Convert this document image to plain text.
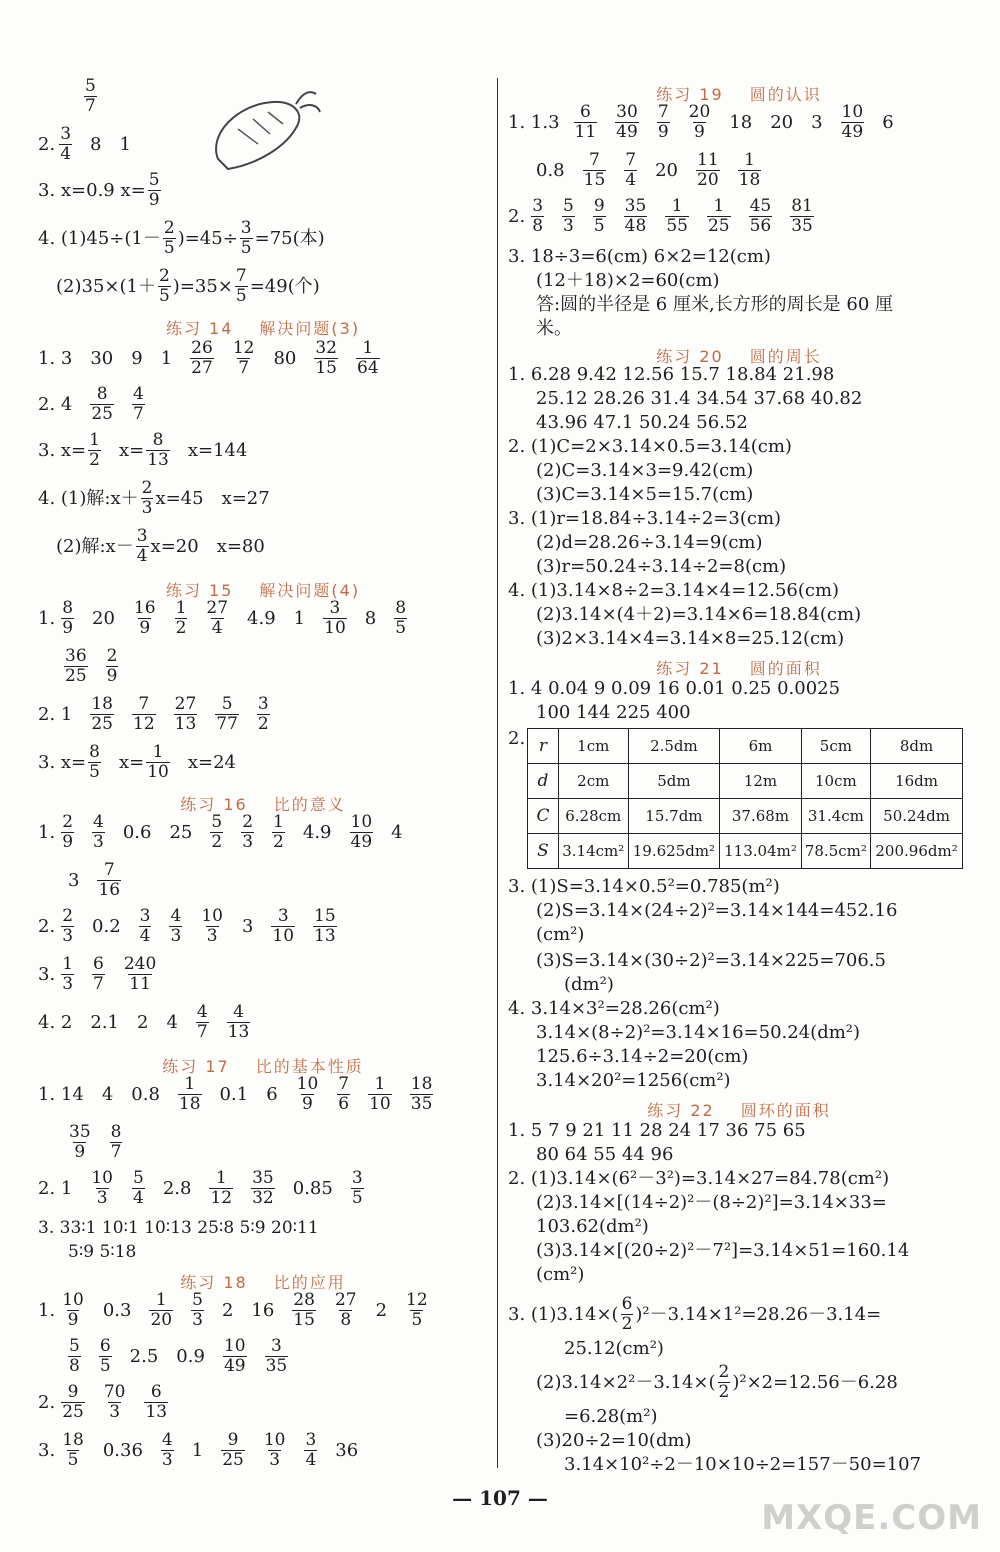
5
7
2. 3
4 8 1
3. x=0.9 $x= \frac{5}{9}$
4. (1)45÷(1－ 2
5 )$=45\div \frac{3}{5} =75$(本)
(2)35×(1＋ 2
5 )$=35\times \frac{7}{5} =49$(个)
练习 14 解决问题(3)
1. 3 30 9 1 26
27
12
7 80 32
15
1
64
2. 4 8
25
4
7
3. $x= \frac{1}{2} x= \frac{8}{13} x=144$
4. (1)解:x＋ 2
3 x=45 x=27
(2)解:x－ 3
4 x=20 x=80
练习 15 解决问题(4)
1. 8
9 20 16
9
1
2
27
4 4.9 1 3
10 8 8
5
36
25
2
9
2. 1 18
25
7
12
27
13
5
77
3
2
3. $x= \frac{8}{5} x= \frac{1}{10} x=24$
练习 16 比的意义
1. 2
9
4
3 0.6 25 5
2
2
3
1
2 4.9 10
49 4
3 7
16
2. 2
3 0.2 3
4
4
3
10
3 3 3
10
15
13
3. 1
3
6
7
240
11
4. 2 2.1 2 4 4
7
4
13
练习 17 比的基本性质
1. 14 4 0.8 1
18 0.1 6 10
9
7
6
1
10
18
35
35
9
8
7
2. 1 10
3
5
4 2.8 1
12
35
32 0.85 3
5
3. 33∶1 10∶1 10∶13 25∶8 5∶9 20∶11
5∶9 5∶18
练习 18 比的应用
1. 10
9 0.3 1
20
5
3 2 16 28
15
27
8 2 12
5
5
8
6
5 2.5 0.9 10
49
3
35
2. 9
25
70
3
6
13
3. 18
5 0.36 4
3 1 9
25
10
3
3
4 36
练习 19 圆的认识
1. 1.3 6
11
30
49
7
9
20
9 18 20 3 10
49 6
0.8 7
15
7
4 20 11
20
1
18
2. 3
8
5
3
9
5
35
48
1
55
1
25
45
56
81
35
3. 18÷3=6(cm) 6×2=12(cm)
(12＋18)×2=60(cm)
答:圆的半径是 6 厘米,长方形的周长是 60 厘
米。
练习 20 圆的周长
1. 6.28 9.42 12.56 15.7 18.84 21.98
25.12 28.26 31.4 34.54 37.68 40.82
43.96 47.1 50.24 56.52
2. (1)C=2×3.14×0.5=3.14(cm)
(2)C=3.14×3=9.42(cm)
(3)C=3.14×5=15.7(cm)
3. (1)r=18.84÷3.14÷2=3(cm)
(2)d=28.26÷3.14=9(cm)
(3)r=50.24÷3.14÷2=8(cm)
4. (1)3.14×8÷2=3.14×4=12.56(cm)
(2)3.14×(4＋2)=3.14×6=18.84(cm)
(3)2×3.14×4=3.14×8=25.12(cm)
练习 21 圆的面积
1. 4 0.04 9 0.09 16 0.01 0.25 0.0025
100 144 225 400
2. r	1cm	2.5dm	6m	5cm	8dm
d	2cm	5dm	12m	10cm	16dm
C	6.28cm	15.7dm	37.68m	31.4cm	50.24dm
S	3.14cm²	19.625dm²	113.04m²	78.5cm²	200.96dm²
3. (1)S=3.14×0.5²=0.785(m²)
(2)S=3.14×(24÷2)²=3.14×144=452.16
(cm²)
(3)S=3.14×(30÷2)²=3.14×225=706.5
(dm²)
4. 3.14×3²=28.26(cm²)
3.14×(8÷2)²=3.14×16=50.24(dm²)
125.6÷3.14÷2=20(cm)
3.14×20²=1256(cm²)
练习 22 圆环的面积
1. 5 7 9 21 11 28 24 17 36 75 65
80 64 55 44 96
2. (1)3.14×(6²－3²)=3.14×27=84.78(cm²)
(2)3.14×[(14÷2)²－(8÷2)²]=3.14×33=
103.62(dm²)
(3)3.14×[(20÷2)²－7²]=3.14×51=160.14
(cm²)
3. (1)3.14×( 6
2 )²－3.14×1²=28.26－3.14=
25.12(cm²)
(2)3.14×2²－3.14×( 2
2 )²×2=12.56－6.28
=6.28(m²)
(3)20÷2=10(dm)
3.14×10²÷2－10×10÷2=157－50=107
— 107 —	MXQE.COM
